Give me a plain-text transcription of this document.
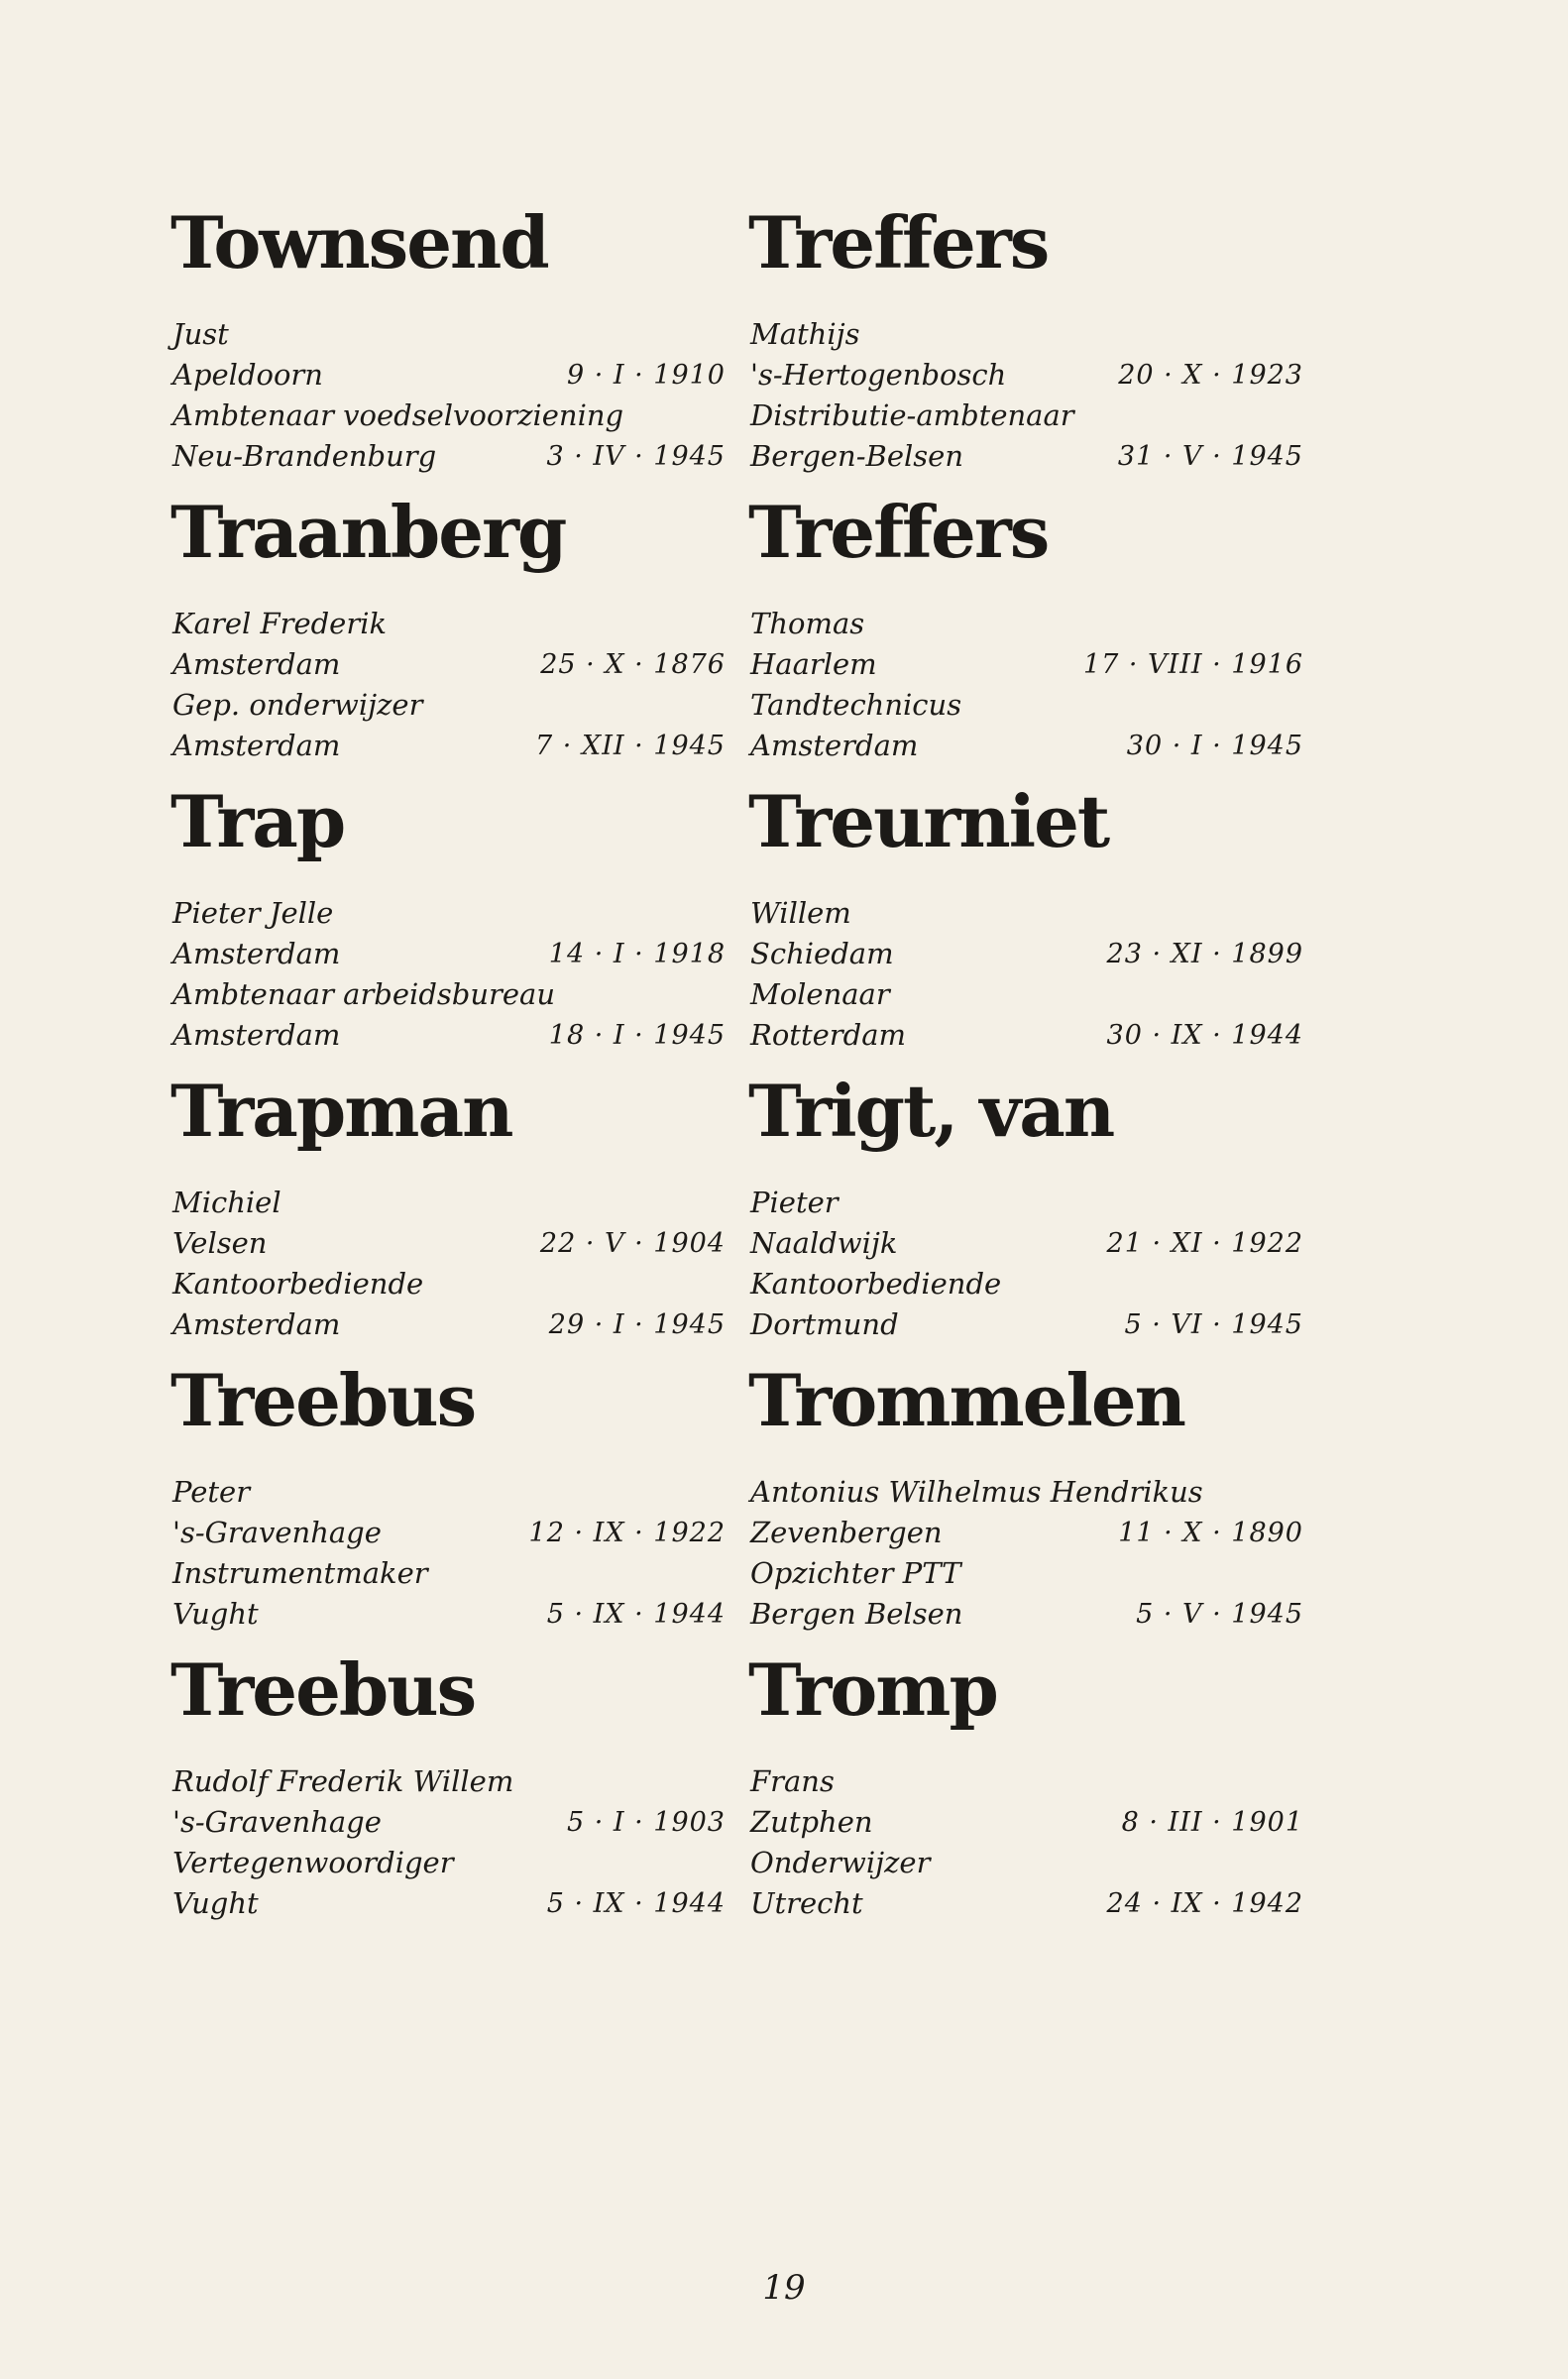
Townsend
Just
Apeldoorn	9 · I · 1910
Ambtenaar voedselvoorziening
Neu-Brandenburg	3 · IV · 1945
Traanberg
Karel Frederik
Amsterdam	25 · X · 1876
Gep. onderwijzer
Amsterdam	7 · XII · 1945
Trap
Pieter Jelle
Amsterdam	14 · I · 1918
Ambtenaar arbeidsbureau
Amsterdam	18 · I · 1945
Trapman
Michiel
Velsen	22 · V · 1904
Kantoorbediende
Amsterdam	29 · I · 1945
Treebus
Peter
's-Gravenhage	12 · IX · 1922
Instrumentmaker
Vught	5 · IX · 1944
Treebus
Rudolf Frederik Willem
's-Gravenhage	5 · I · 1903
Vertegenwoordiger
Vught	5 · IX · 1944
Treffers
Mathijs
's-Hertogenbosch	20 · X · 1923
Distributie-ambtenaar
Bergen-Belsen	31 · V · 1945
Treffers
Thomas
Haarlem	17 · VIII · 1916
Tandtechnicus
Amsterdam	30 · I · 1945
Treurniet
Willem
Schiedam	23 · XI · 1899
Molenaar
Rotterdam	30 · IX · 1944
Trigt, van
Pieter
Naaldwijk	21 · XI · 1922
Kantoorbediende
Dortmund	5 · VI · 1945
Trommelen
Antonius Wilhelmus Hendrikus
Zevenbergen	11 · X · 1890
Opzichter PTT
Bergen Belsen	5 · V · 1945
Tromp
Frans
Zutphen	8 · III · 1901
Onderwijzer
Utrecht	24 · IX · 1942
19
